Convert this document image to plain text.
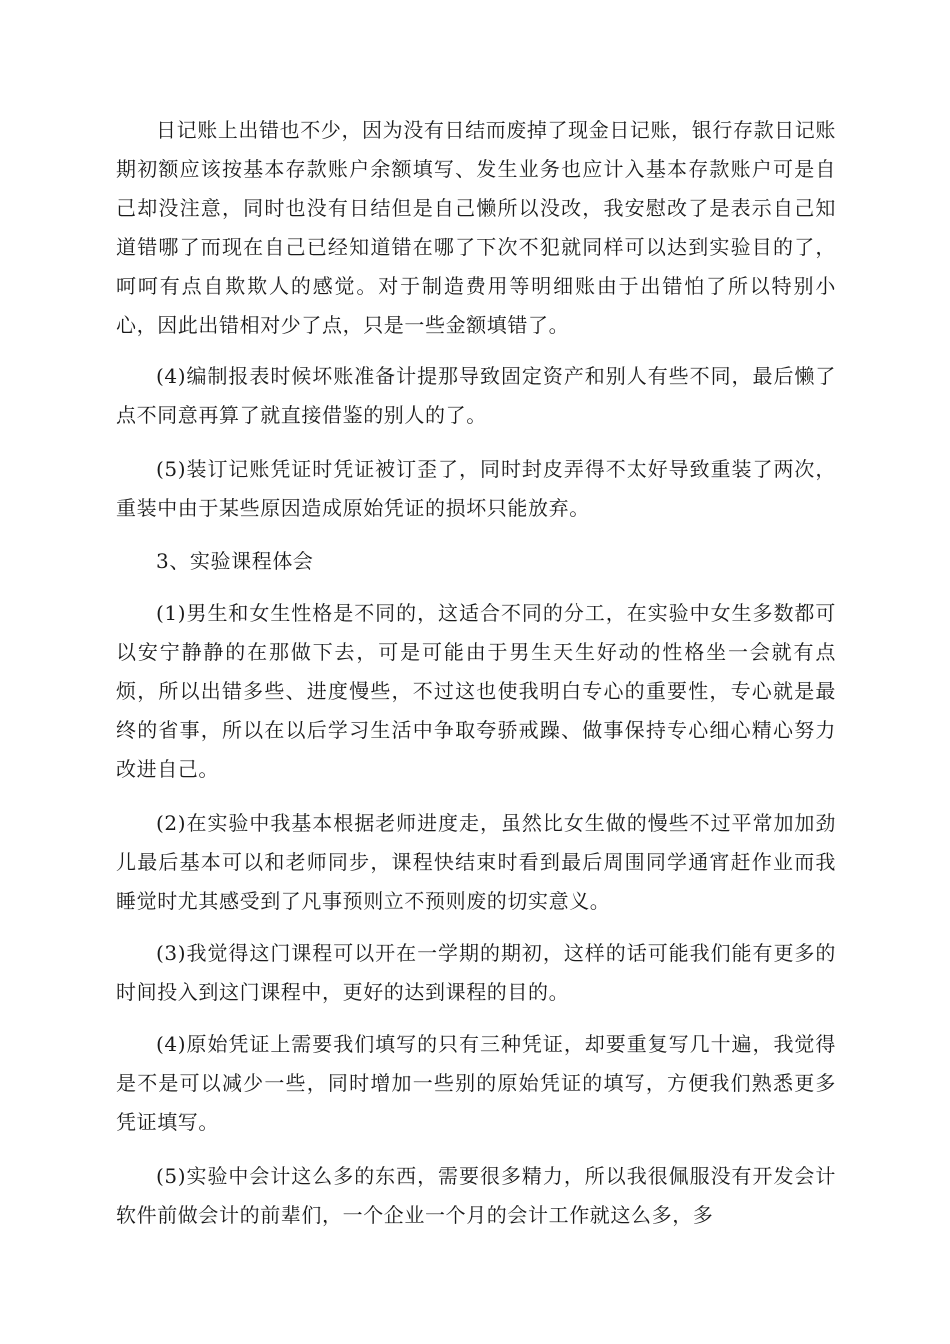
日记账上出错也不少，因为没有日结而废掉了现金日记账，银行存款日记账期初额应该按基本存款账户余额填写、发生业务也应计入基本存款账户可是自己却没注意，同时也没有日结但是自己懒所以没改，我安慰改了是表示自己知道错哪了而现在自己已经知道错在哪了下次不犯就同样可以达到实验目的了，呵呵有点自欺欺人的感觉。对于制造费用等明细账由于出错怕了所以特别小心，因此出错相对少了点，只是一些金额填错了。

(4)编制报表时候坏账准备计提那导致固定资产和别人有些不同，最后懒了点不同意再算了就直接借鉴的别人的了。

(5)装订记账凭证时凭证被订歪了，同时封皮弄得不太好导致重装了两次，重装中由于某些原因造成原始凭证的损坏只能放弃。

3、实验课程体会

(1)男生和女生性格是不同的，这适合不同的分工，在实验中女生多数都可以安宁静静的在那做下去，可是可能由于男生天生好动的性格坐一会就有点烦，所以出错多些、进度慢些，不过这也使我明白专心的重要性，专心就是最终的省事，所以在以后学习生活中争取夸骄戒躁、做事保持专心细心精心努力改进自己。

(2)在实验中我基本根据老师进度走，虽然比女生做的慢些不过平常加加劲儿最后基本可以和老师同步，课程快结束时看到最后周围同学通宵赶作业而我睡觉时尤其感受到了凡事预则立不预则废的切实意义。

(3)我觉得这门课程可以开在一学期的期初，这样的话可能我们能有更多的时间投入到这门课程中，更好的达到课程的目的。

(4)原始凭证上需要我们填写的只有三种凭证，却要重复写几十遍，我觉得是不是可以减少一些，同时增加一些别的原始凭证的填写，方便我们熟悉更多凭证填写。

(5)实验中会计这么多的东西，需要很多精力，所以我很佩服没有开发会计软件前做会计的前辈们，一个企业一个月的会计工作就这么多，多
